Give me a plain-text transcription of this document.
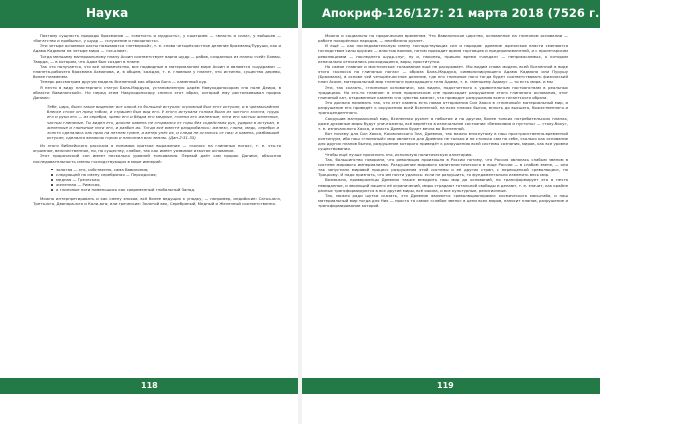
Наука

Поэтому сущность природы брахманов — «святость и мудрость», у кшатриев — «власть и сила», у вайшьев — «богатство и прибыль», у шудр — «служение и покорность».

Эти четыре основные касты называются «четверкой», т. е. снова четырёхчастное деление бразманы/Пуруши, как и Адама Кадмона на четыре мира — «че-олам».

Тогда меншиму материальному плану Асоин соответствует варна шудр — рабов, созданных из планы «чей» Бэевы-Тварда, — в котором, что Адам был создан в плане.

Так что получается, что всё человечество, все подвидные в материальном мире Асоин и являются «шудрами» — планета-рабочего брахмана Ахманова, и, в общем, каждая, т. е. главным у планет, это истинно, существо дерево, более пламенем.

Теперь рассмотрим другую модель Вселенной как образа Бога — каменный кур.

Я нечто в виду пластерного статуи Бала-Мардука, установленную царём Навуходоносором «на поле Деира, в области Вавилонской». Но перед этим Навуходоносору снился этот образ, который ему растолковывал пророк Даниил:

Тебе, царь, было такое видение: вот какой-то большой истукан; огромный был этот истукан, и в чрезвычайном блеске стоял он пред тобою, и страшен был вид его. У этого истукана голова была из чистого золота, грудь его и руки его — из серебра, чрево его и бёдра его медные, голени его железные, ноги его частью железные, частью глиняные. Ты видел его, доколе камень не оторвался от горы без содействия рук, ударил в истукан, в железные и глиняные ноги его, и разбил их. Тогда всё вместе раздробилось: железо, глина, медь, серебро и золото сделались как прах на летнем гумне, и ветер унёс их, и следа не осталось от них; а камень, разбивший истукан, сделался великою горою и наполнил всю землю. (Дан.2:31-35)

Из этого библейского рассказа я понимаю краткое выражение — «колосс на глиняных ногах», т. е. что-то огромное, величественное, но, по существу, слабое, так как имеет уязвимое изъятое основание.

Этот пророческий сон имеет несколько уровней толкования. Первый даёт сам пророк Даниил, объясняя последовательность смены господствующих в мире империй:

золотая — это, собственно, сама Вавилония;
следующей на смену серебряная — Персидская;
медная — Греческая;
железная — Римская,
а глиняные ноги поменьшись как современный глобальный Запад.

Можно интерпретировать и как смену эпохов, всё более ведущих к упадку, — например, индийские: Сатья-юга, Третя-юга, Двапара-юга и Кали-юга; или греческие: Золотой век, Серебряный, Медный и Железный соответственно.

118
Апокриф-126/127: 21 марта 2018 (7526 г. от С.М.З.Х.)

Можно и социально по пророческим временам. Что Вавилонское царство, основанное на глиняном основании — работе покорённых народов, — неизбежно рухнет.

И ещё — как последовательную смену господствующих сил и народов: древние жреческие власти сменяются господством силы оружия — властью воинов, потом приходит время торговцев и предпринимателей, и с пролетарским революциями — последнего шудр-слуг, ну и, наконец, пришло время «чандал» — неприкасаемых, к которым изначально относились расходящиеся, воры, проститутки.

Но самое главное и мистическое толкование ещё не раскрывает. Мы видим снова модель всей Вселенной в виде этого «колосса на глиняных ногах» — образа Бала-Мардука, символизирующего Адама Кадмона или Пурушу (Брахмана), в основе чей четырёхчастное деление, где его глиняные ноги тогда будет соответствовать физический план Асоин, материальный мир тленного преходящего тела Адама, т. е. «меншему Адаму» — то есть мира. и мы

Эти, так сказать, «глиняные основания», как видно, подотчетного к удивительным постоянствам в реальных традициях. Но кто-то главное: в этом пророческом сне происходит разрушение этого глиняного основания, этот глиняный кат, откровенные камнем «по чувство камня», что приводит разрушению всего гигантского образа.

Это должно понимать так, что этот камень есть новая отторжения Сил Хаоса в «глиняный» материальный мир, и разрушение его приведёт к окружению всей Вселенной, на всех планах бытия, вплоть до высшего, божественного и трансцендентного.

Сокрушив материальный мир, Вселенная рухнет в небытие и на другом, более тонких потребительских планах, даже духовные миры будут уничтожены, всё вернётся в изначальное состояние «безмолвия и пустоты» — «тоху-боху», т. е. изначального Хаоса, и власть Древних будет вечна во Вселенной.

Вот почему для Сил Хаоса, Космического Зла, Древних, так важно втиснутому в наш пространственно-временной континуум, ибо наш «глиняный» мир является для Древних не только и не столько сам по себе, сколько как основание для других планов бытия, разрушение которого приведёт к разрушению всей системы сознания, миров, как все уровни существования.

Чтобы ещё лучше прояснить это, использую политическую аллегорию.

Так, большинство говорили, что революция произошла в России потому, что Россия являлась слабым звеном в системе мирового империализма. Разрушение мирового капиталистического в лице России — в слабом звене, — они так запустили мировой процесс разрушения этой системы и её других стран, с переоценкой «революции», по Троцкому. И надо признать, что им почти удалось: если не разрушить, то фундаментально изменить весь мир.

Возможно, приверженцы Древних также внедрить наш мир до оснований, но трансформирует его в нечто невиданное, и эволюций нашего её ограничений, миры страдают тотальной свободы и делают, т. е. значит, как крайне разных трансформируются в все другие миры, всё ожила, и все культурные, религиозные.

Так, можно ради шутки сказать, что Древние являются «революционерами» космического масштаба, и наш материальный мир тогда для Них — просто то самое «слабое звено» в цепи всех миров, наносит планов, разрушение и трансформирование которой.

119
